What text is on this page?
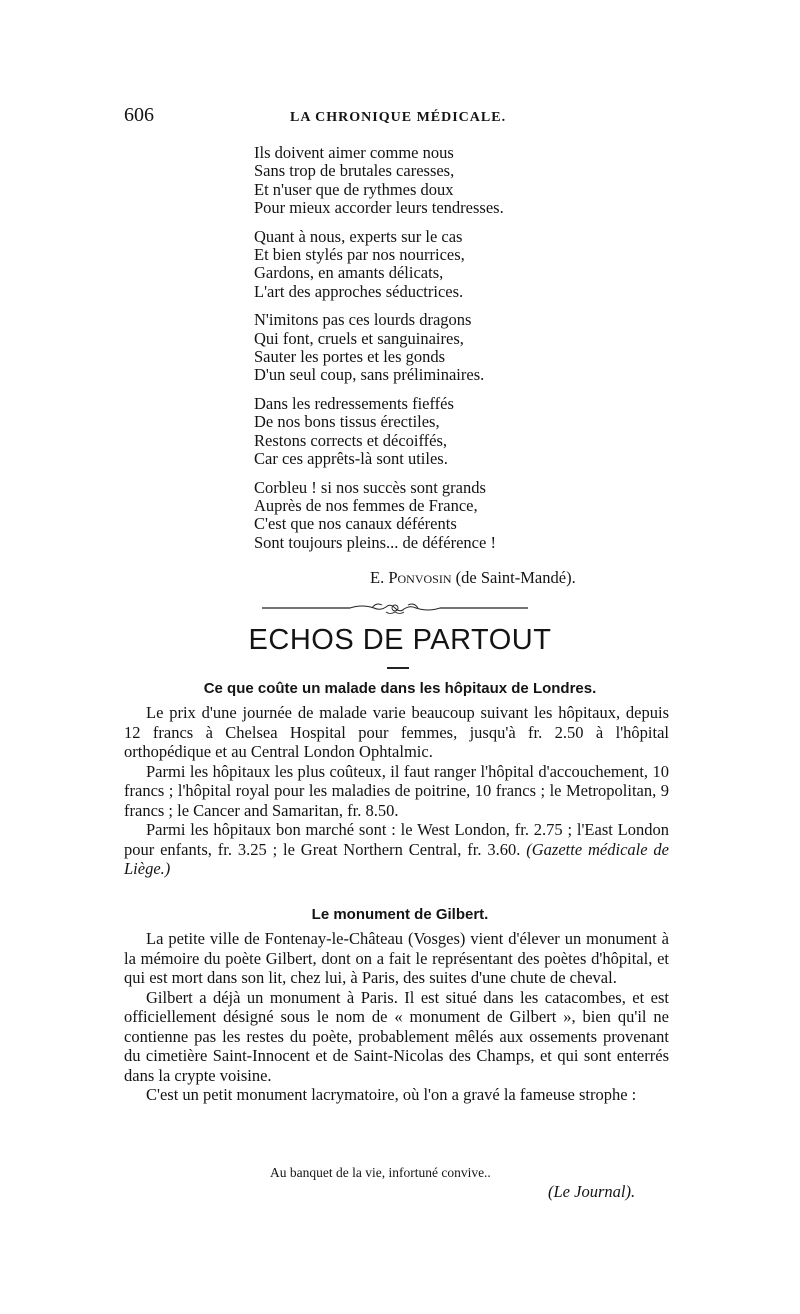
606	LA CHRONIQUE MÉDICALE.
Ils doivent aimer comme nous
Sans trop de brutales caresses,
Et n'user que de rythmes doux
Pour mieux accorder leurs tendresses.
Quant à nous, experts sur le cas
Et bien stylés par nos nourrices,
Gardons, en amants délicats,
L'art des approches séductrices.
N'imitons pas ces lourds dragons
Qui font, cruels et sanguinaires,
Sauter les portes et les gonds
D'un seul coup, sans préliminaires.
Dans les redressements fieffés
De nos bons tissus érectiles,
Restons corrects et décoiffés,
Car ces apprêts-là sont utiles.
Corbleu ! si nos succès sont grands
Auprès de nos femmes de France,
C'est que nos canaux déférents
Sont toujours pleins... de déférence !
E. Ponvosin (de Saint-Mandé).
ECHOS DE PARTOUT
Ce que coûte un malade dans les hôpitaux de Londres.
Le prix d'une journée de malade varie beaucoup suivant les hôpitaux, depuis 12 francs à Chelsea Hospital pour femmes, jusqu'à fr. 2.50 à l'hôpital orthopédique et au Central London Ophtalmic.
Parmi les hôpitaux les plus coûteux, il faut ranger l'hôpital d'accouchement, 10 francs ; l'hôpital royal pour les maladies de poitrine, 10 francs ; le Metropolitan, 9 francs ; le Cancer and Samaritan, fr. 8.50.
Parmi les hôpitaux bon marché sont : le West London, fr. 2.75 ; l'East London pour enfants, fr. 3.25 ; le Great Northern Central, fr. 3.60. (Gazette médicale de Liège.)
Le monument de Gilbert.
La petite ville de Fontenay-le-Château (Vosges) vient d'élever un monument à la mémoire du poète Gilbert, dont on a fait le représentant des poètes d'hôpital, et qui est mort dans son lit, chez lui, à Paris, des suites d'une chute de cheval.
Gilbert a déjà un monument à Paris. Il est situé dans les catacombes, et est officiellement désigné sous le nom de « monument de Gilbert », bien qu'il ne contienne pas les restes du poète, probablement mêlés aux ossements provenant du cimetière Saint-Innocent et de Saint-Nicolas des Champs, et qui sont enterrés dans la crypte voisine.
C'est un petit monument lacrymatoire, où l'on a gravé la fameuse strophe :
Au banquet de la vie, infortuné convive..
(Le Journal).
